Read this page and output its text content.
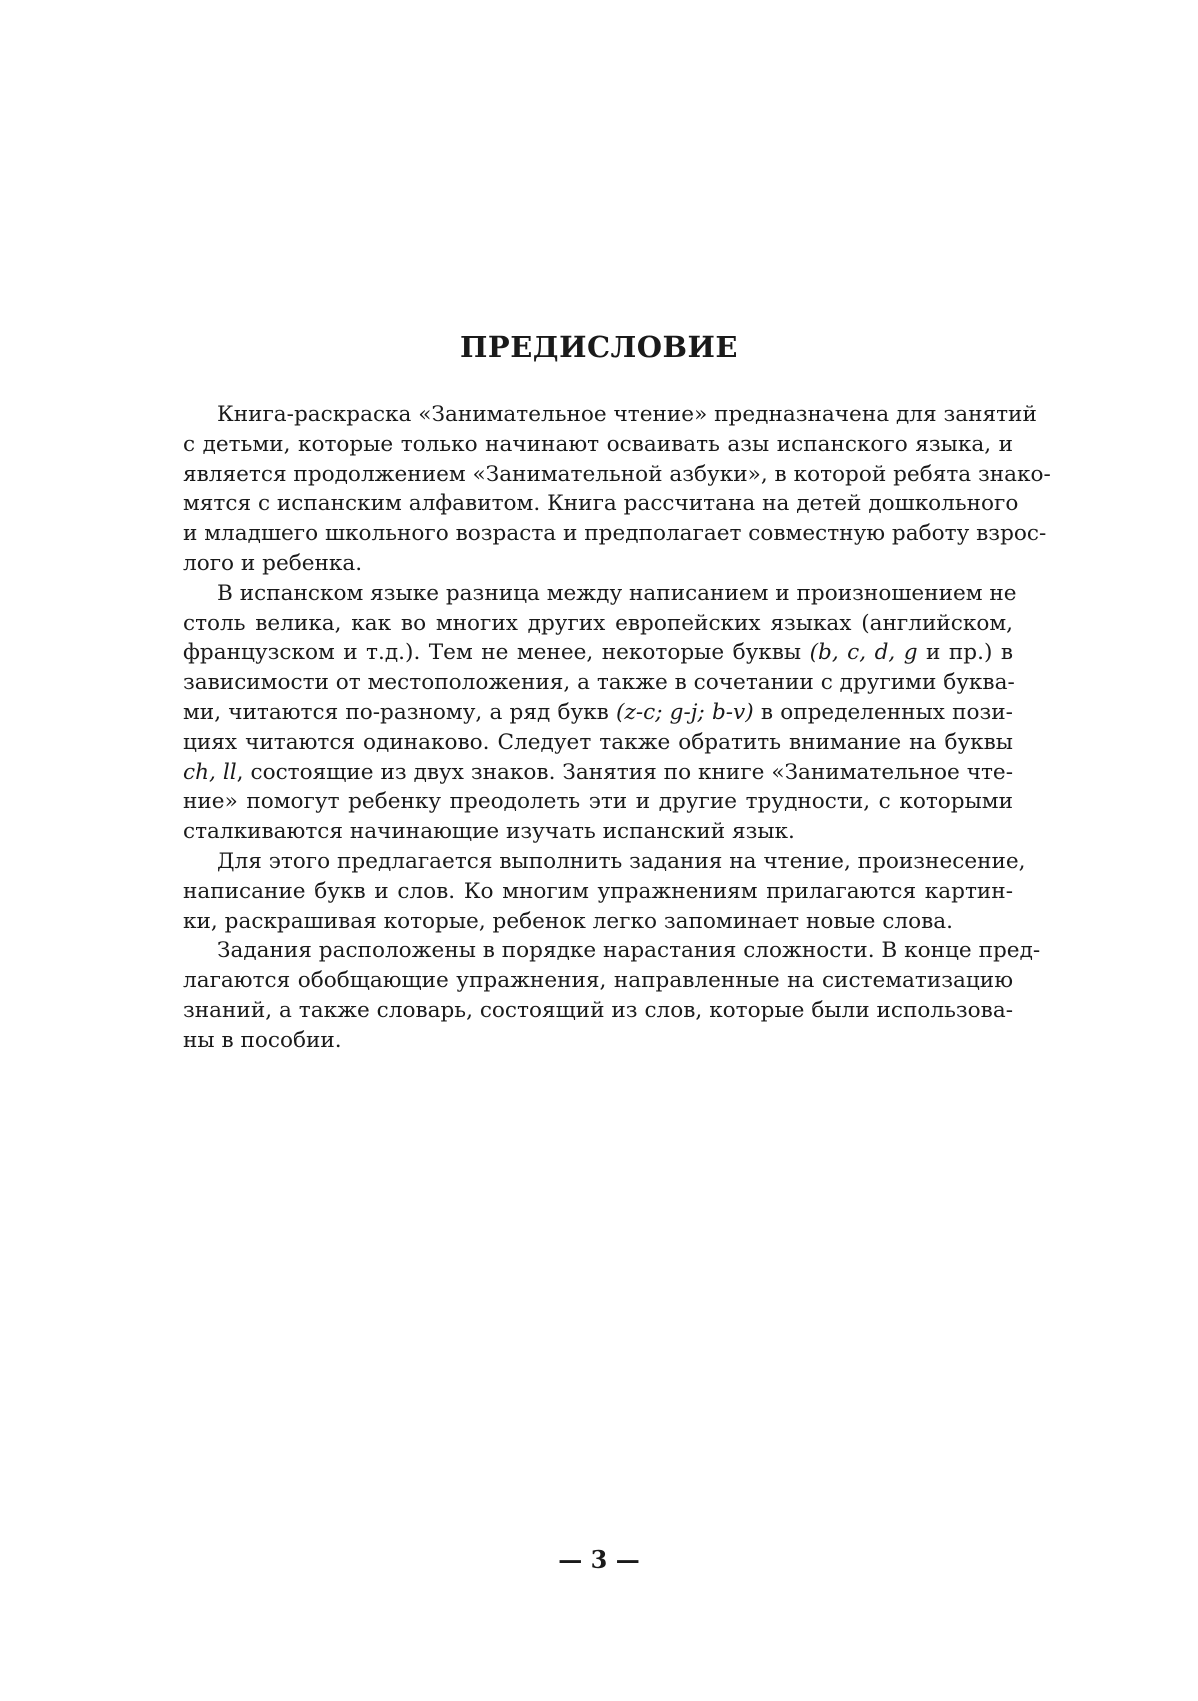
ПРЕДИСЛОВИЕ
Книга-раскраска «Занимательное чтение» предназначена для занятий
с детьми, которые только начинают осваивать азы испанского языка, и
является продолжением «Занимательной азбуки», в которой ребята знако-
мятся с испанским алфавитом. Книга рассчитана на детей дошкольного
и младшего школьного возраста и предполагает совместную работу взрос-
лого и ребенка.
В испанском языке разница между написанием и произношением не
столь велика, как во многих других европейских языках (английском,
французском и т.д.). Тем не менее, некоторые буквы (b, c, d, g и пр.) в
зависимости от местоположения, а также в сочетании с другими буква-
ми, читаются по-разному, а ряд букв (z-c; g-j; b-v) в определенных пози-
циях читаются одинаково. Следует также обратить внимание на буквы
ch, ll, состоящие из двух знаков. Занятия по книге «Занимательное чте-
ние» помогут ребенку преодолеть эти и другие трудности, с которыми
сталкиваются начинающие изучать испанский язык.
Для этого предлагается выполнить задания на чтение, произнесение,
написание букв и слов. Ко многим упражнениям прилагаются картин-
ки, раскрашивая которые, ребенок легко запоминает новые слова.
Задания расположены в порядке нарастания сложности. В конце пред-
лагаются обобщающие упражнения, направленные на систематизацию
знаний, а также словарь, состоящий из слов, которые были использова-
ны в пособии.
— 3 —
